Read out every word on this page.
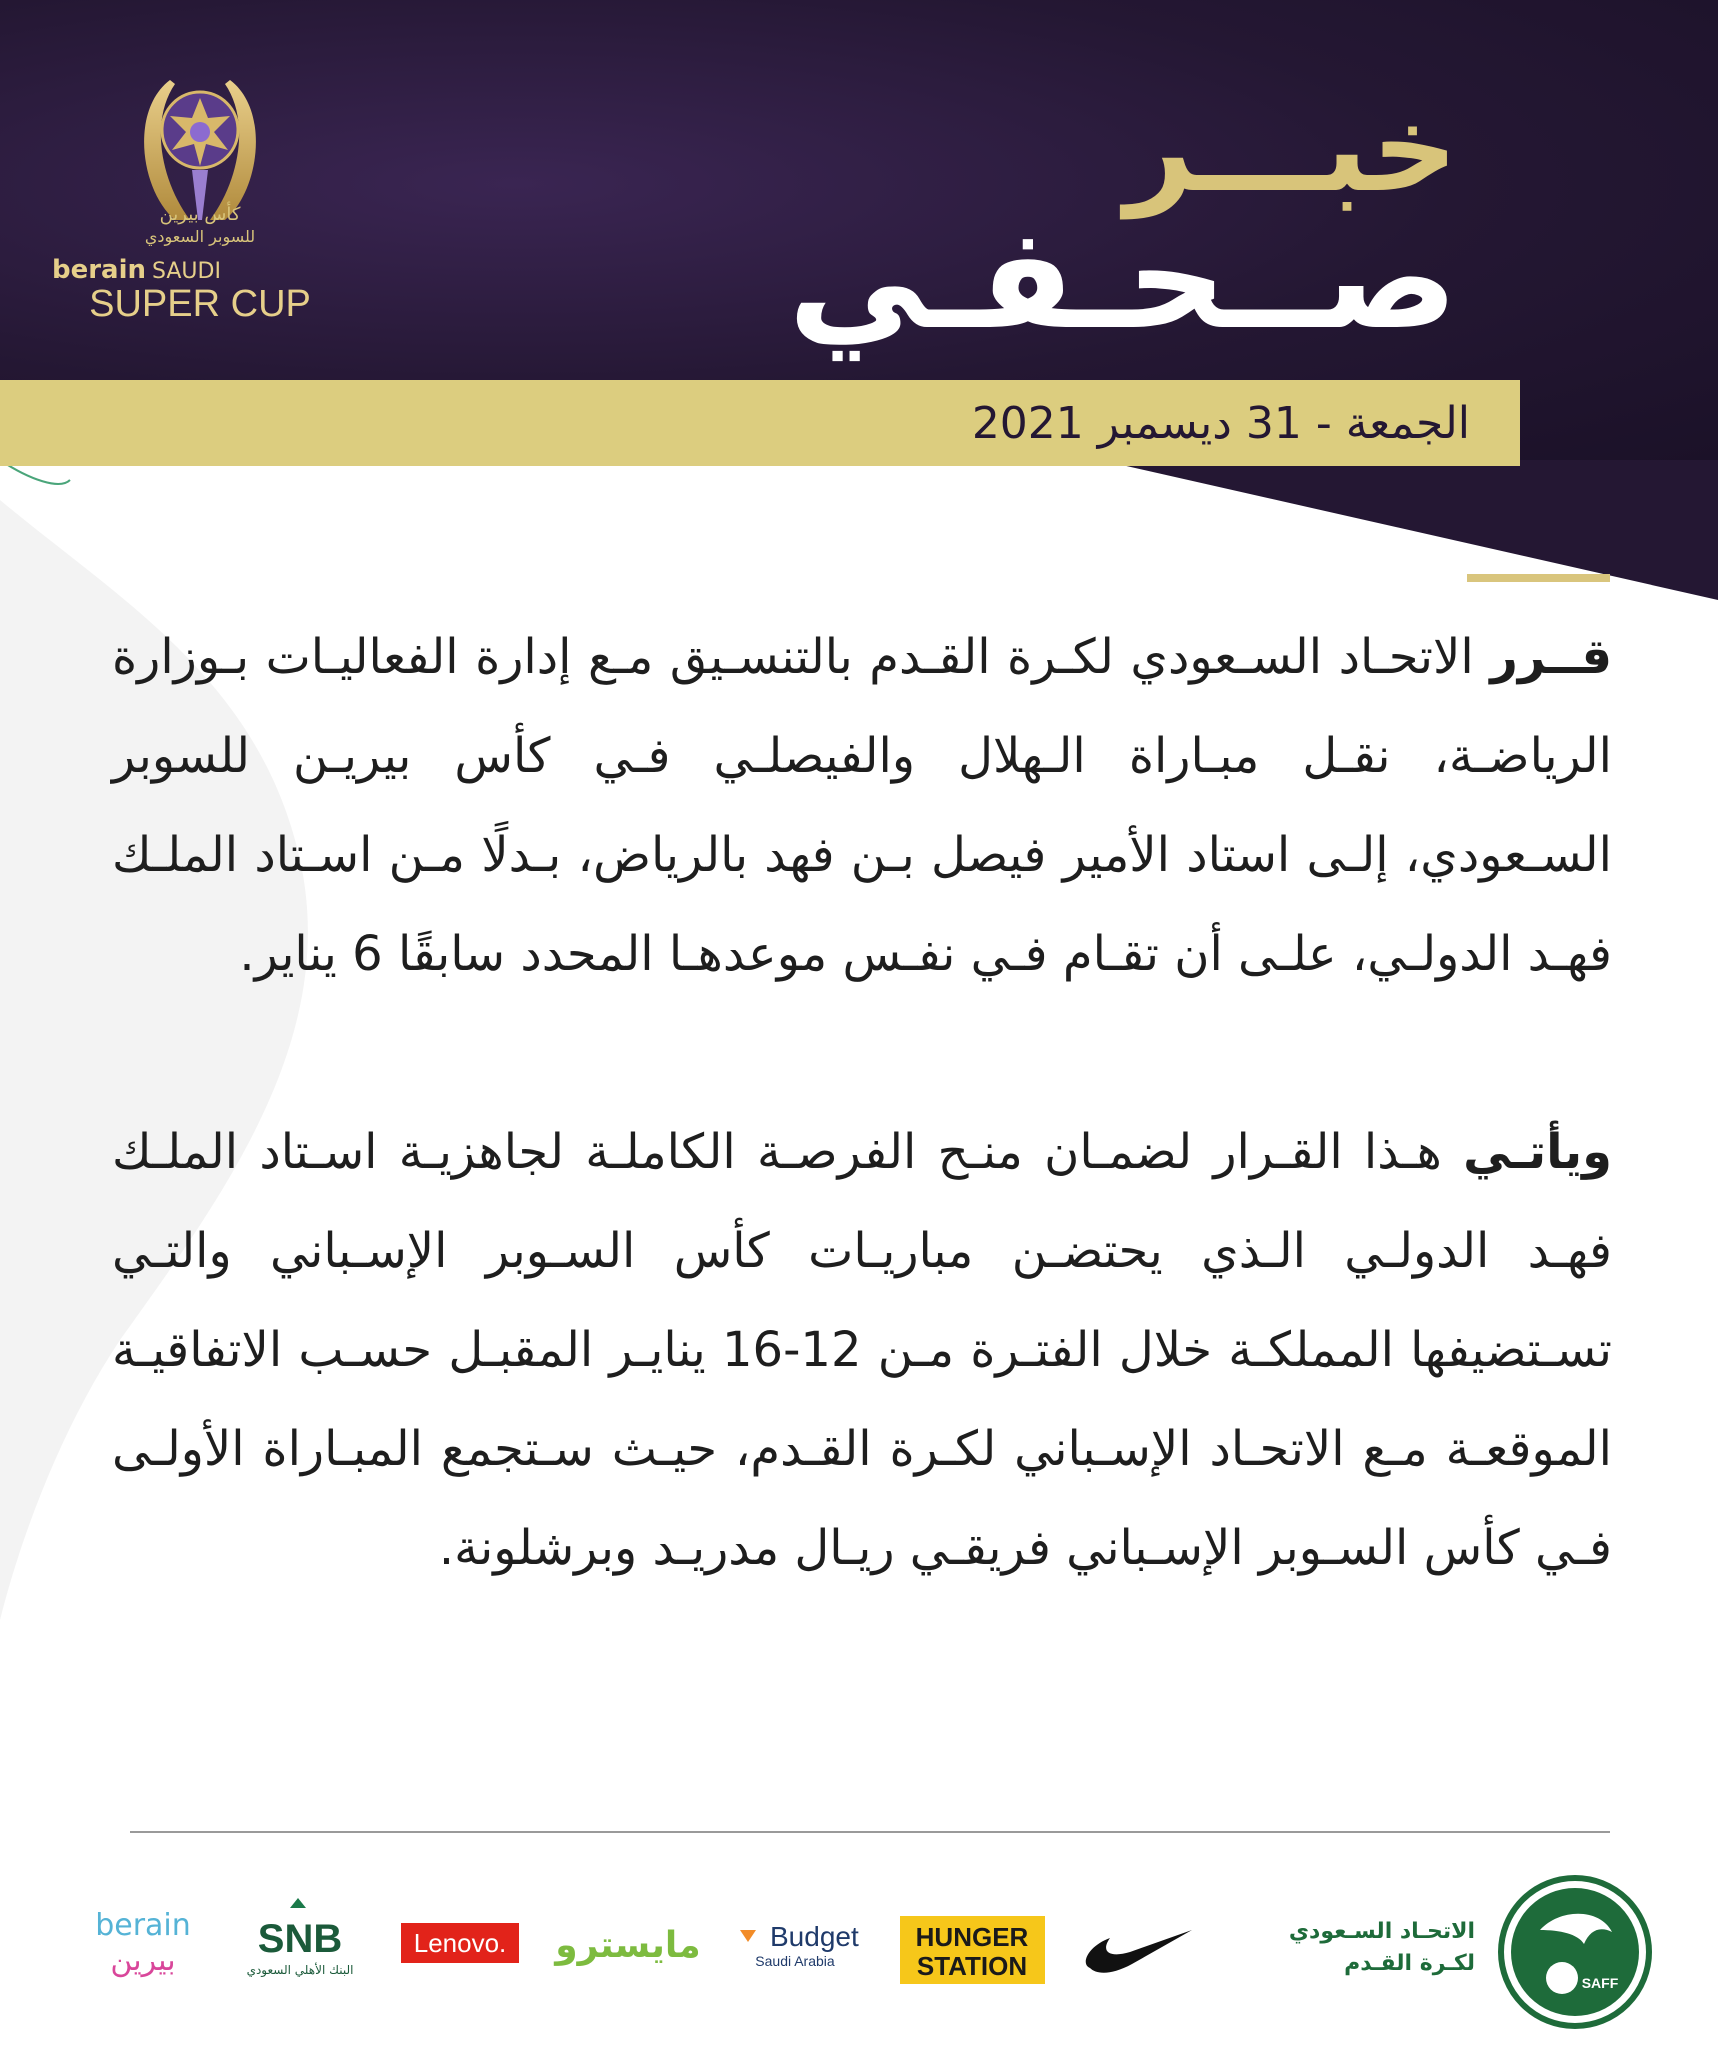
كأس بيرين
للسوبر السعودي
berain SAUDI
SUPER CUP
خبـــر
صــحـفـي
الجمعة - 31 ديسمبر 2021

قــرر الاتحـاد السـعودي لكـرة القـدم بالتنسـيق مـع إدارة الفعاليـات بـوزارة الرياضـة، نقـل مبـاراة الـهلال والفيصلـي فـي كأس بيريـن للسوبر السـعودي، إلـى استاد الأمير فيصل بـن فهد بالرياض، بـدلًا مـن اسـتاد الملـك فهـد الدولـي، علـى أن تقـام فـي نفـس موعدهـا المحدد سابقًا 6 يناير.

ويأتـي هـذا القـرار لضمـان منـح الفرصـة الكاملـة لجاهزيـة اسـتاد الملـك فهـد الدولـي الـذي يحتضـن مباريـات كأس السـوبر الإسـباني والتـي تسـتضيفها المملكـة خلال الفتـرة مـن 12-16 ينايـر المقبـل حسـب الاتفاقيـة الموقعـة مـع الاتحـاد الإسـباني لكـرة القـدم، حيـث سـتجمع المبـاراة الأولـى فـي كأس السـوبر الإسـباني فريقـي ريـال مدريـد وبرشلونة.

berain
بيرين SNB
البنك الأهلي السعودي
Lenovo. مايسترو Budget
Saudi Arabia
HUNGER
STATION
الاتحـاد السـعودي
لكـرة القـدم
SAFF
